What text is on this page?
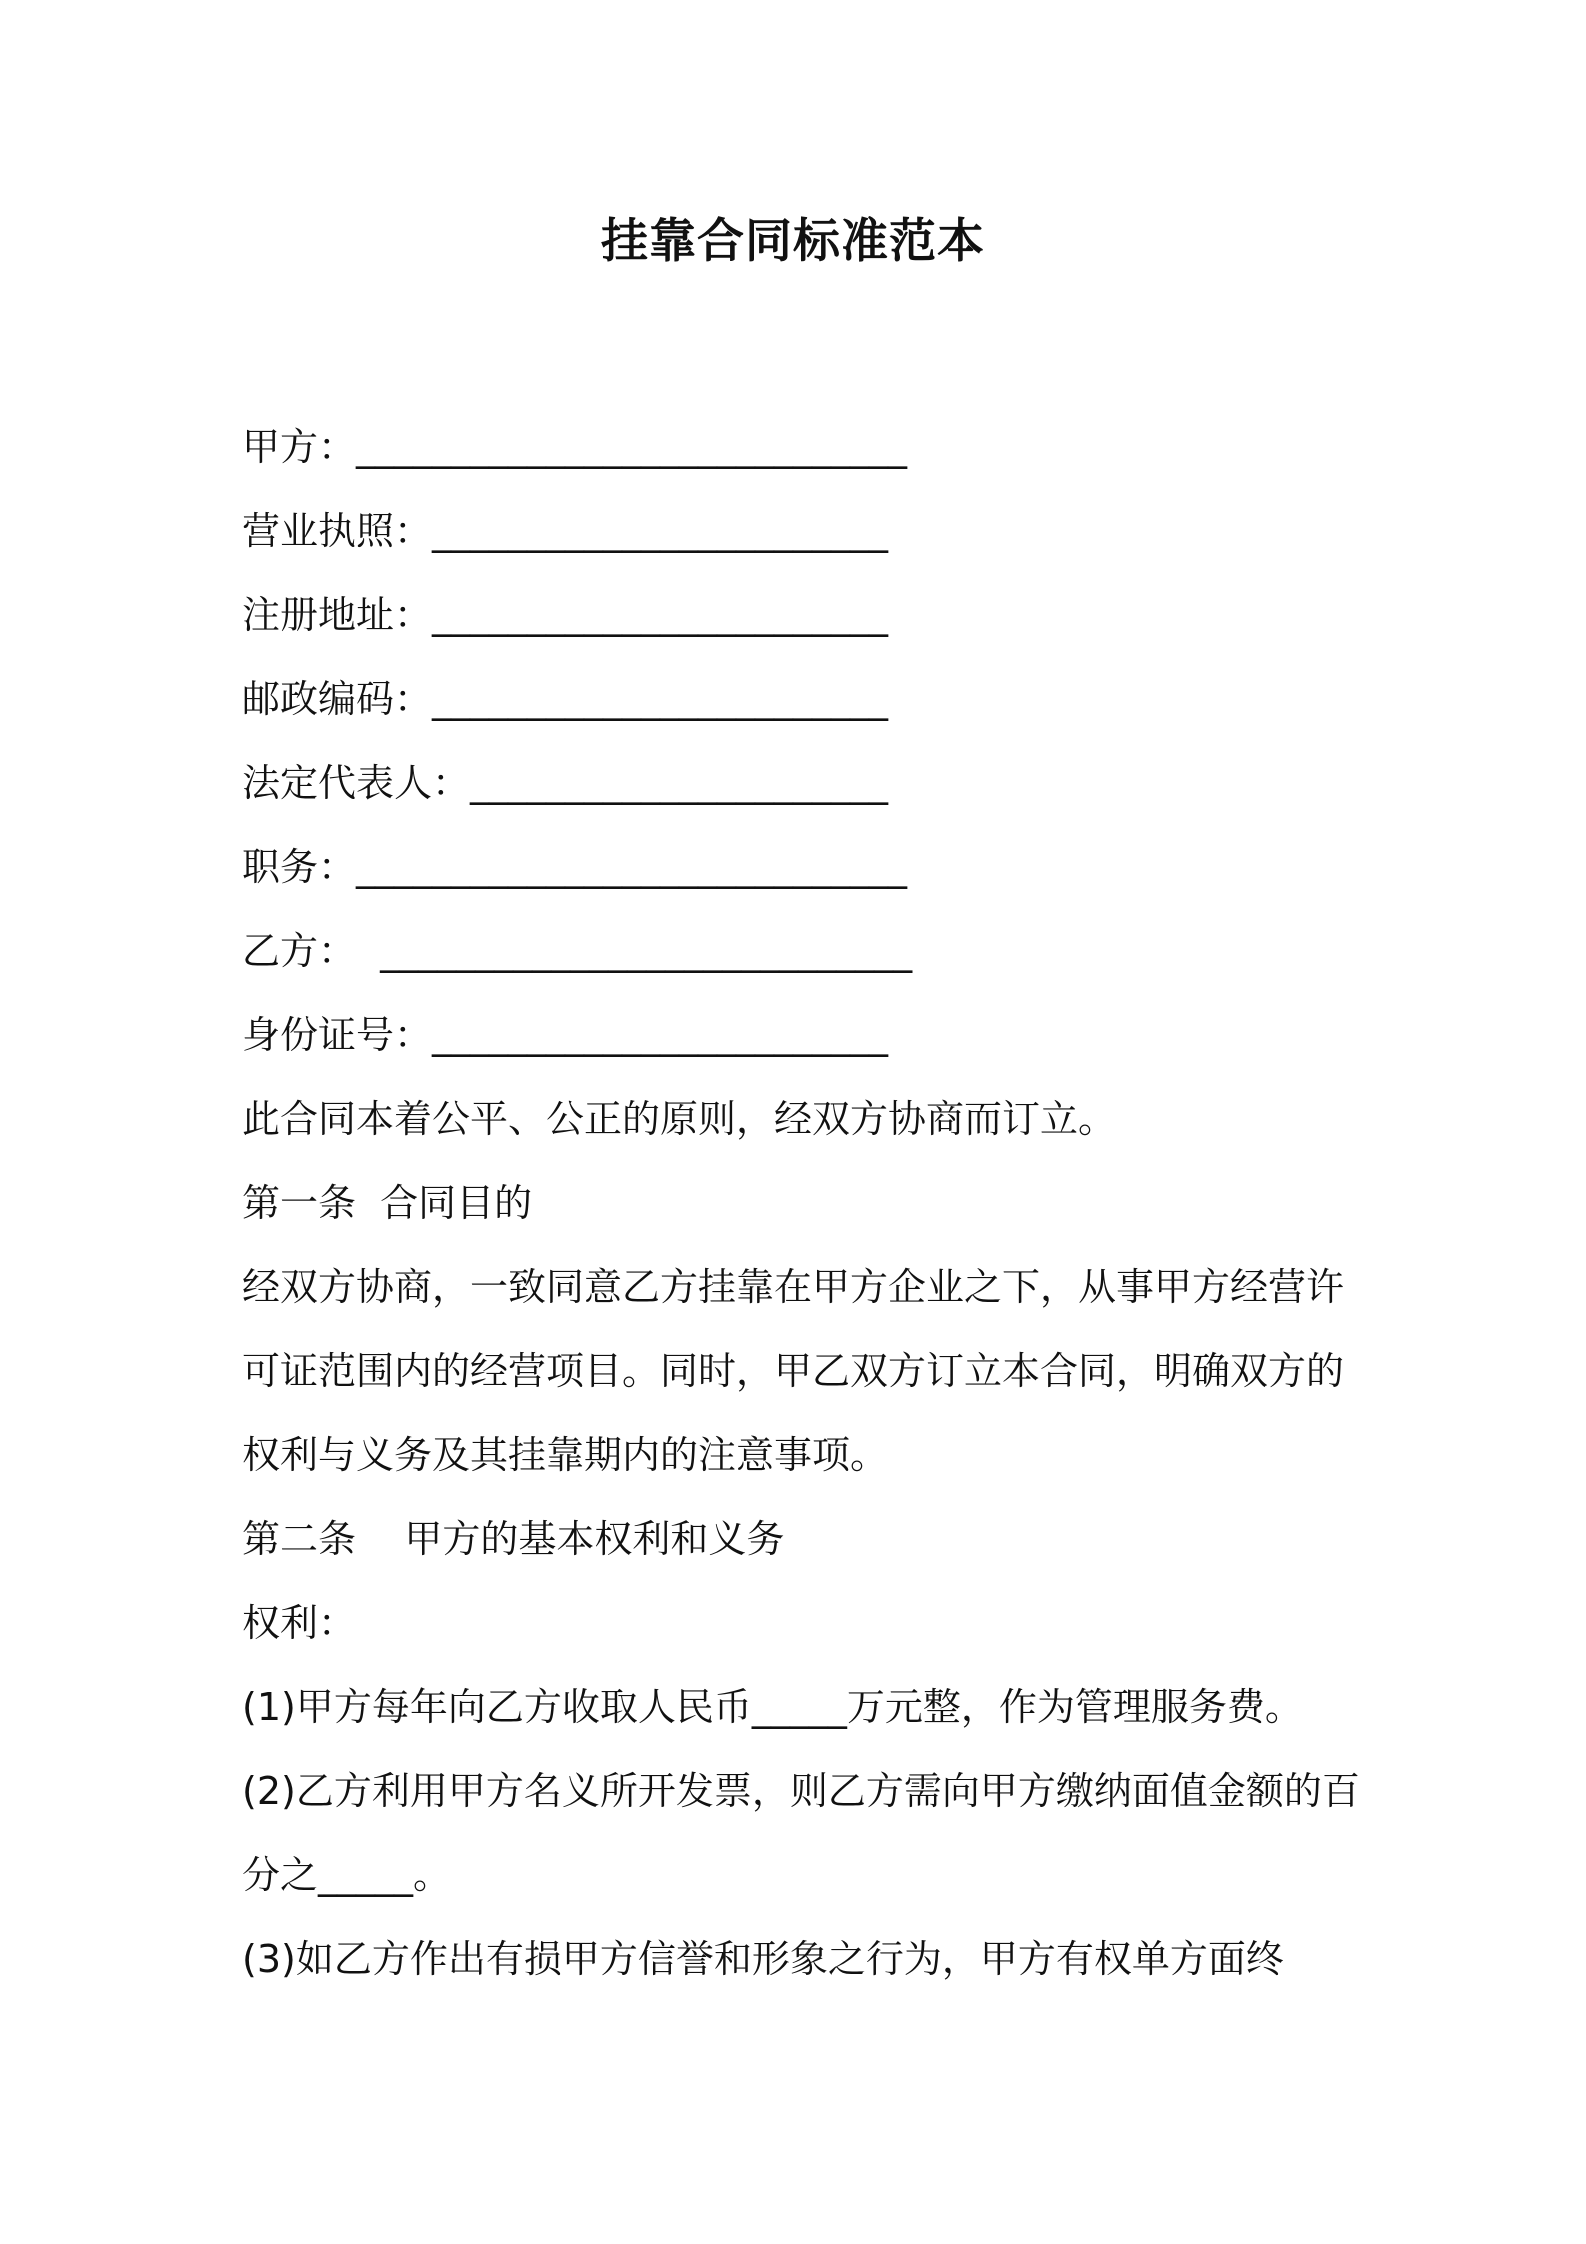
挂靠合同标准范本
甲方：_____________________________
营业执照：________________________
注册地址：________________________
邮政编码：________________________
法定代表人：______________________
职务：_____________________________
乙方：  ____________________________
身份证号：________________________
此合同本着公平、公正的原则，经双方协商而订立。
第一条  合同目的
经双方协商，一致同意乙方挂靠在甲方企业之下，从事甲方经营许可证范围内的经营项目。同时，甲乙双方订立本合同，明确双方的权利与义务及其挂靠期内的注意事项。
第二条    甲方的基本权利和义务
权利：
(1)甲方每年向乙方收取人民币_____万元整，作为管理服务费。
(2)乙方利用甲方名义所开发票，则乙方需向甲方缴纳面值金额的百分之_____。
(3)如乙方作出有损甲方信誉和形象之行为，甲方有权单方面终
